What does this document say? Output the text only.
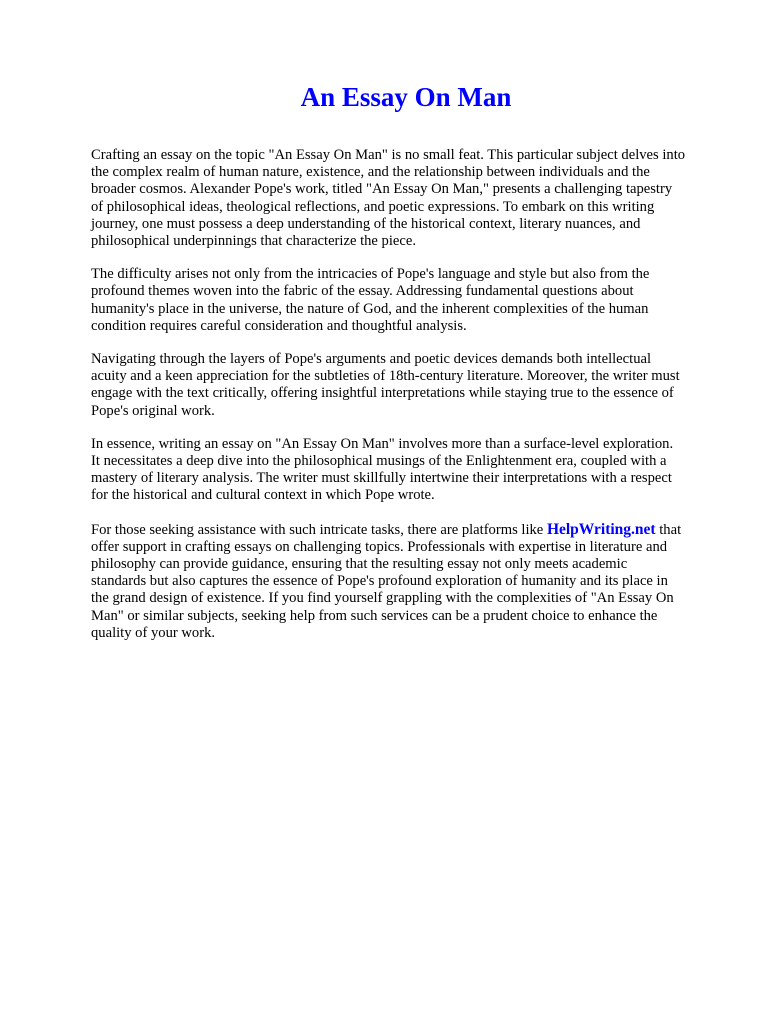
An Essay On Man

Crafting an essay on the topic "An Essay On Man" is no small feat. This particular subject delves into
the complex realm of human nature, existence, and the relationship between individuals and the
broader cosmos. Alexander Pope's work, titled "An Essay On Man," presents a challenging tapestry
of philosophical ideas, theological reflections, and poetic expressions. To embark on this writing
journey, one must possess a deep understanding of the historical context, literary nuances, and
philosophical underpinnings that characterize the piece.

The difficulty arises not only from the intricacies of Pope's language and style but also from the
profound themes woven into the fabric of the essay. Addressing fundamental questions about
humanity's place in the universe, the nature of God, and the inherent complexities of the human
condition requires careful consideration and thoughtful analysis.

Navigating through the layers of Pope's arguments and poetic devices demands both intellectual
acuity and a keen appreciation for the subtleties of 18th-century literature. Moreover, the writer must
engage with the text critically, offering insightful interpretations while staying true to the essence of
Pope's original work.

In essence, writing an essay on "An Essay On Man" involves more than a surface-level exploration.
It necessitates a deep dive into the philosophical musings of the Enlightenment era, coupled with a
mastery of literary analysis. The writer must skillfully intertwine their interpretations with a respect
for the historical and cultural context in which Pope wrote.

For those seeking assistance with such intricate tasks, there are platforms like HelpWriting.net that
offer support in crafting essays on challenging topics. Professionals with expertise in literature and
philosophy can provide guidance, ensuring that the resulting essay not only meets academic
standards but also captures the essence of Pope's profound exploration of humanity and its place in
the grand design of existence. If you find yourself grappling with the complexities of "An Essay On
Man" or similar subjects, seeking help from such services can be a prudent choice to enhance the
quality of your work.
